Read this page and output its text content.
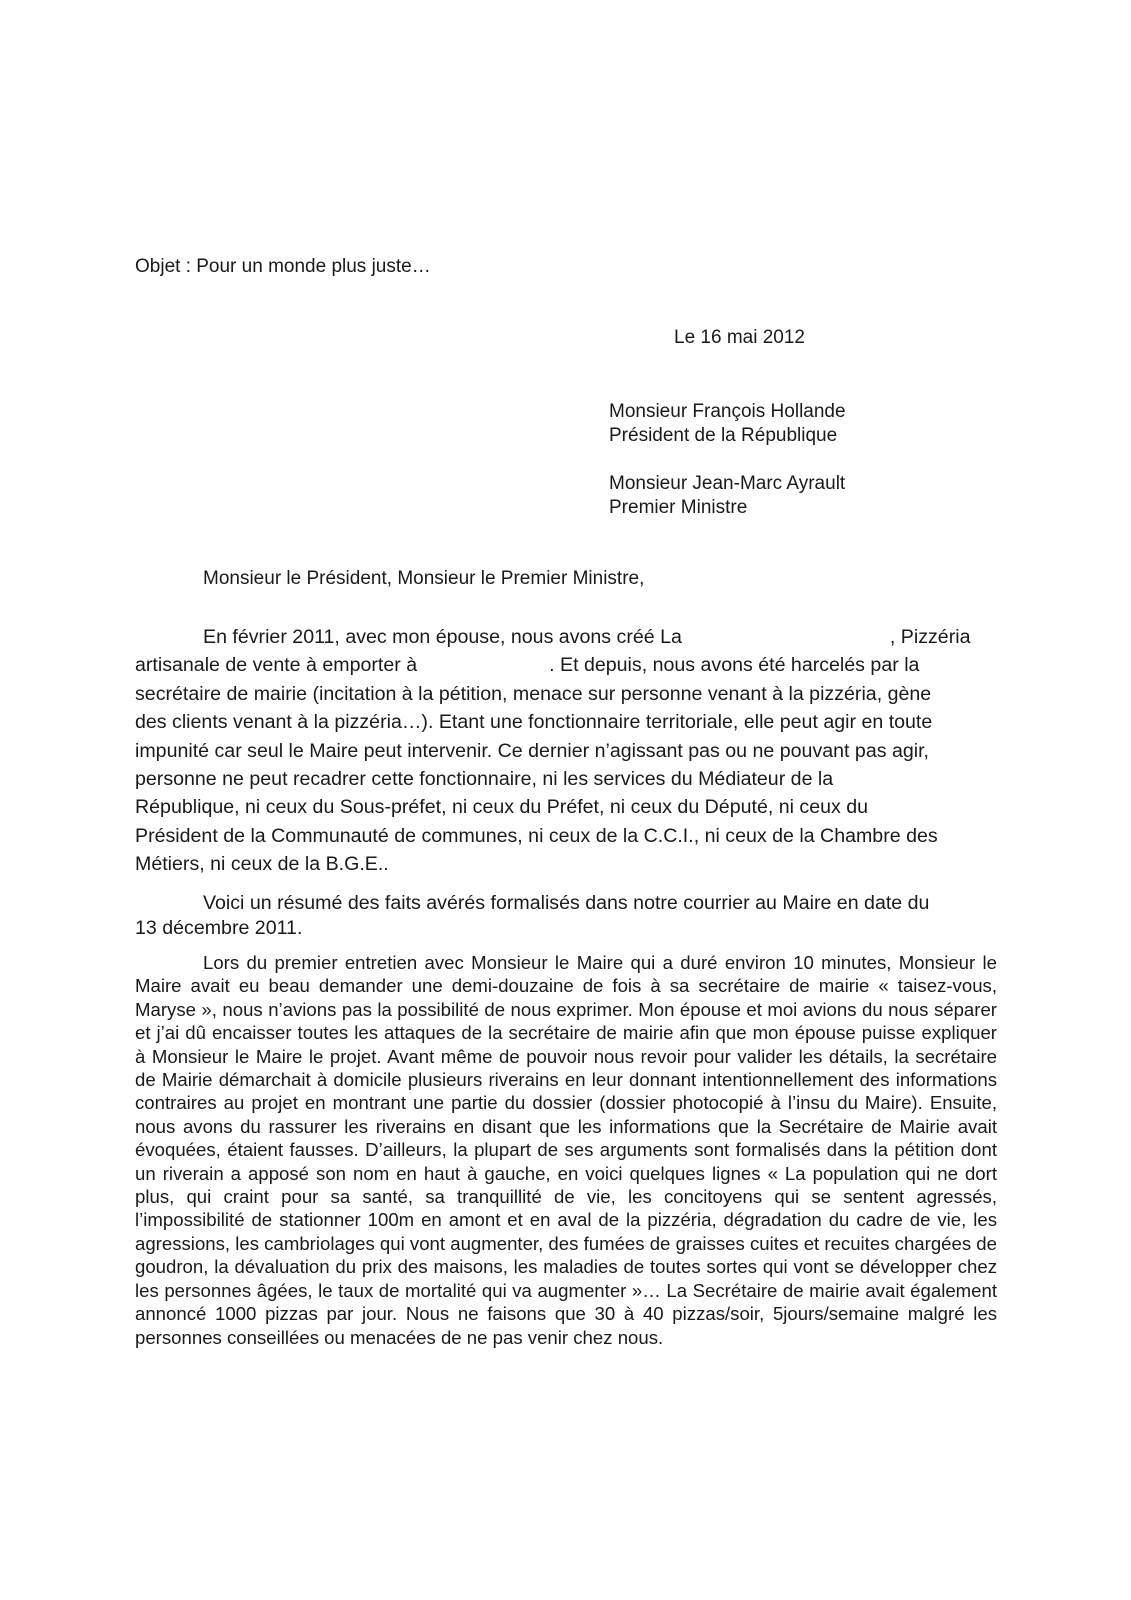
Objet : Pour un monde plus juste…
Le 16 mai 2012
Monsieur François Hollande
Président de la République
Monsieur Jean-Marc Ayrault
Premier Ministre
Monsieur le Président, Monsieur le Premier Ministre,
En février 2011, avec mon épouse, nous avons créé La	, Pizzéria
artisanale de vente à emporter à	. Et depuis, nous avons été harcelés par la
secrétaire de mairie (incitation à la pétition, menace sur personne venant à la pizzéria, gène
des clients venant à la pizzéria…). Etant une fonctionnaire territoriale, elle peut agir en toute
impunité car seul le Maire peut intervenir. Ce dernier n’agissant pas ou ne pouvant pas agir,
personne ne peut recadrer cette fonctionnaire, ni les services du Médiateur de la
République, ni ceux du Sous-préfet, ni ceux du Préfet, ni ceux du Député, ni ceux du
Président de la Communauté de communes, ni ceux de la C.C.I., ni ceux de la Chambre des
Métiers, ni ceux de la B.G.E..
Voici un résumé des faits avérés formalisés dans notre courrier au Maire en date du
13 décembre 2011.
Lors du premier entretien avec Monsieur le Maire qui a duré environ 10 minutes, Monsieur le Maire avait eu beau demander une demi-douzaine de fois à sa secrétaire de mairie « taisez-vous, Maryse », nous n’avions pas la possibilité de nous exprimer. Mon épouse et moi avions du nous séparer et j’ai dû encaisser toutes les attaques de la secrétaire de mairie afin que mon épouse puisse expliquer à Monsieur le Maire le projet. Avant même de pouvoir nous revoir pour valider les détails, la secrétaire de Mairie démarchait à domicile plusieurs riverains en leur donnant intentionnellement des informations contraires au projet en montrant une partie du dossier (dossier photocopié à l’insu du Maire). Ensuite, nous avons du rassurer les riverains en disant que les informations que la Secrétaire de Mairie avait évoquées, étaient fausses. D’ailleurs, la plupart de ses arguments sont formalisés dans la pétition dont un riverain a apposé son nom en haut à gauche, en voici quelques lignes « La population qui ne dort plus, qui craint pour sa santé, sa tranquillité de vie, les concitoyens qui se sentent agressés, l’impossibilité de stationner 100m en amont et en aval de la pizzéria, dégradation du cadre de vie, les agressions, les cambriolages qui vont augmenter, des fumées de graisses cuites et recuites chargées de goudron, la dévaluation du prix des maisons, les maladies de toutes sortes qui vont se développer chez les personnes âgées, le taux de mortalité qui va augmenter »… La Secrétaire de mairie avait également annoncé 1000 pizzas par jour. Nous ne faisons que 30 à 40 pizzas/soir, 5jours/semaine malgré les personnes conseillées ou menacées de ne pas venir chez nous.
